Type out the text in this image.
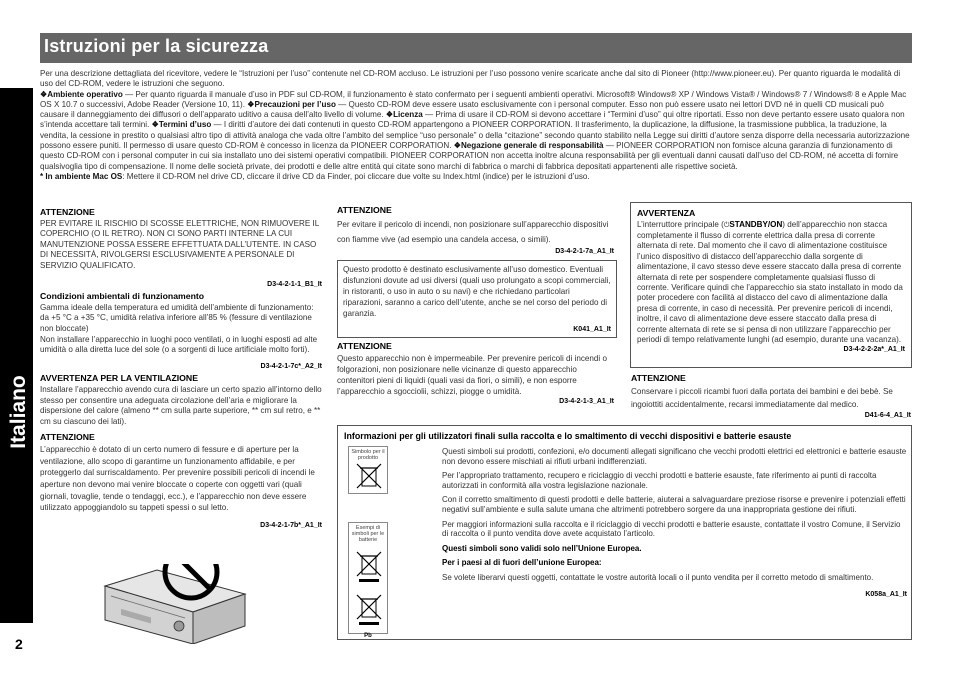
Istruzioni per la sicurezza
Italiano
2

Per una descrizione dettagliata del ricevitore, vedere le “Istruzioni per l’uso” contenute nel CD-ROM accluso. Le istruzioni per l’uso possono venire scaricate anche dal sito di Pioneer (http://www.pioneer.eu). Per quanto riguarda le modalità di uso del CD-ROM, vedere le istruzioni che seguono.

❖Ambiente operativo — Per quanto riguarda il manuale d’uso in PDF sul CD-ROM, il funzionamento è stato confermato per i seguenti ambienti operativi. Microsoft® Windows® XP / Windows Vista® / Windows® 7 / Windows® 8 e Apple Mac OS X 10.7 o successivi, Adobe Reader (Versione 10, 11). ❖Precauzioni per l’uso — Questo CD-ROM deve essere usato esclusivamente con i personal computer. Esso non può essere usato nei lettori DVD né in quelli CD musicali può causare il danneggiamento dei diffusori o dell’apparato uditivo a causa dell’alto livello di volume. ❖Licenza — Prima di usare il CD-ROM si devono accettare i “Termini d’uso” qui oltre riportati. Esso non deve pertanto essere usato qualora non s’intenda accettare tali termini. ❖Termini d’uso — I diritti d’autore dei dati contenuti in questo CD-ROM appartengono a PIONEER CORPORATION. Il trasferimento, la duplicazione, la diffusione, la trasmissione pubblica, la traduzione, la vendita, la cessione in prestito o qualsiasi altro tipo di attività analoga che vada oltre l’ambito del semplice “uso personale” o della “citazione” secondo quanto stabilito nella Legge sui diritti d’autore senza disporre della necessaria autorizzazione possono essere puniti. Il permesso di usare questo CD-ROM è concesso in licenza da PIONEER CORPORATION. ❖Negazione generale di responsabilità — PIONEER CORPORATION non fornisce alcuna garanzia di funzionamento di questo CD-ROM con i personal computer in cui sia installato uno dei sistemi operativi compatibili. PIONEER CORPORATION non accetta inoltre alcuna responsabilità per gli eventuali danni causati dall’uso del CD-ROM, né accetta di fornire qualsivoglia tipo di compensazione. Il nome delle società private, dei prodotti e delle altre entità qui citate sono marchi di fabbrica o marchi di fabbrica depositati appartenenti alle rispettive società.

* In ambiente Mac OS: Mettere il CD-ROM nel drive CD, cliccare il drive CD da Finder, poi cliccare due volte su Index.html (indice) per le istruzioni d’uso.

ATTENZIONE
PER EVITARE IL RISCHIO DI SCOSSE ELETTRICHE, NON RIMUOVERE IL COPERCHIO (O IL RETRO). NON CI SONO PARTI INTERNE LA CUI MANUTENZIONE POSSA ESSERE EFFETTUATA DALL’UTENTE. IN CASO DI NECESSITÀ, RIVOLGERSI ESCLUSIVAMENTE A PERSONALE DI SERVIZIO QUALIFICATO.
D3-4-2-1-1_B1_It
Condizioni ambientali di funzionamento
Gamma ideale della temperatura ed umidità dell’ambiente di funzionamento:
da +5 °C a +35 °C, umidità relativa inferiore all’85 % (fessure di ventilazione non bloccate)
Non installare l’apparecchio in luoghi poco ventilati, o in luoghi esposti ad alte umidità o alla diretta luce del sole (o a sorgenti di luce artificiale molto forti).
D3-4-2-1-7c*_A2_It
AVVERTENZA PER LA VENTILAZIONE
Installare l’apparecchio avendo cura di lasciare un certo spazio all’intorno dello stesso per consentire una adeguata circolazione dell’aria e migliorare la dispersione del calore (almeno ** cm sulla parte superiore, ** cm sul retro, e ** cm su ciascuno dei lati).
ATTENZIONE
L’apparecchio è dotato di un certo numero di fessure e di aperture per la ventilazione, allo scopo di garantirne un funzionamento affidabile, e per proteggerlo dal surriscaldamento. Per prevenire possibili pericoli di incendi le aperture non devono mai venire bloccate o coperte con oggetti vari (quali giornali, tovaglie, tende o tendaggi, ecc.), e l’apparecchio non deve essere utilizzato appoggiandolo su tappeti spessi o sul letto.
D3-4-2-1-7b*_A1_It
ATTENZIONE
Per evitare il pericolo di incendi, non posizionare sull’apparecchio dispositivi con fiamme vive (ad esempio una candela accesa, o simili).
D3-4-2-1-7a_A1_It
Questo prodotto è destinato esclusivamente all’uso domestico. Eventuali disfunzioni dovute ad usi diversi (quali uso prolungato a scopi commerciali, in ristoranti, o uso in auto o su navi) e che richiedano particolari riparazioni, saranno a carico dell’utente, anche se nel corso del periodo di garanzia.
K041_A1_It
ATTENZIONE
Questo apparecchio non è impermeabile. Per prevenire pericoli di incendi o folgorazioni, non posizionare nelle vicinanze di questo apparecchio contenitori pieni di liquidi (quali vasi da fiori, o simili), e non esporre l’apparecchio a sgocciolii, schizzi, piogge o umidità.
D3-4-2-1-3_A1_It
AVVERTENZA
L’interruttore principale (⏻STANDBY/ON) dell’apparecchio non stacca completamente il flusso di corrente elettrica dalla presa di corrente alternata di rete. Dal momento che il cavo di alimentazione costituisce l’unico dispositivo di distacco dell’apparecchio dalla sorgente di alimentazione, il cavo stesso deve essere staccato dalla presa di corrente alternata di rete per sospendere completamente qualsiasi flusso di corrente. Verificare quindi che l’apparecchio sia stato installato in modo da poter procedere con facilità al distacco del cavo di alimentazione dalla presa di corrente, in caso di necessità. Per prevenire pericoli di incendi, inoltre, il cavo di alimentazione deve essere staccato dalla presa di corrente alternata di rete se si pensa di non utilizzare l’apparecchio per periodi di tempo relativamente lunghi (ad esempio, durante una vacanza).
D3-4-2-2-2a*_A1_It
ATTENZIONE
Conservare i piccoli ricambi fuori dalla portata dei bambini e dei bebè. Se ingoiottiti accidentalmente, recarsi immediatamente dal medico.
D41-6-4_A1_It
Informazioni per gli utilizzatori finali sulla raccolta e lo smaltimento di vecchi dispositivi e batterie esauste
Simbolo per il prodotto
Esempi di simboli per le batterie

Pb
Questi simboli sui prodotti, confezioni, e/o documenti allegati significano che vecchi prodotti elettrici ed elettronici e batterie esauste non devono essere mischiati ai rifiuti urbani indifferenziati.
Per l’appropriato trattamento, recupero e riciclaggio di vecchi prodotti e batterie esauste, fate riferimento ai punti di raccolta autorizzati in conformità alla vostra legislazione nazionale.
Con il corretto smaltimento di questi prodotti e delle batterie, aiuterai a salvaguardare preziose risorse e prevenire i potenziali effetti negativi sull’ambiente e sulla salute umana che altrimenti potrebbero sorgere da una inappropriata gestione dei rifiuti.
Per maggiori informazioni sulla raccolta e il riciclaggio di vecchi prodotti e batterie esauste, contattate il vostro Comune, il Servizio di raccolta o il punto vendita dove avete acquistato l’articolo.
Questi simboli sono validi solo nell’Unione Europea.
Per i paesi al di fuori dell’unione Europea:
Se volete liberarvi questi oggetti, contattate le vostre autorità locali o il punto vendita per il corretto metodo di smaltimento.
K058a_A1_It
